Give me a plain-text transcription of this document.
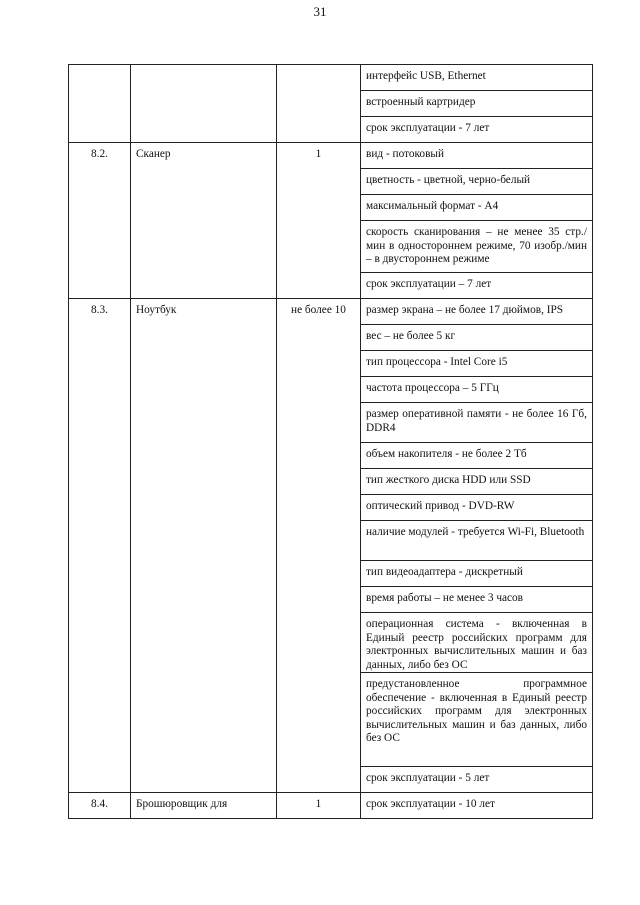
31
			интерфейс USB, Ethernet
			встроенный картридер
			срок эксплуатации - 7 лет
8.2.	Сканер	1	вид - потоковый
			цветность - цветной, черно-белый
			максимальный формат - А4
			скорость сканирования – не менее 35 стр./мин в одностороннем режиме, 70 изобр./мин – в двустороннем режиме
			срок эксплуатации – 7 лет
8.3.	Ноутбук	не более 10	размер экрана – не более 17 дюймов, IPS
			вес – не более 5 кг
			тип процессора - Intel Core i5
			частота процессора – 5 ГГц
			размер оперативной памяти - не более 16 Гб, DDR4
			объем накопителя - не более 2 Тб
			тип жесткого диска HDD или SSD
			оптический привод - DVD-RW
			наличие модулей - требуется Wi-Fi, Bluetooth
			тип видеоадаптера - дискретный
			время работы – не менее 3 часов
			операционная система - включенная в Единый реестр российских программ для электронных вычислительных машин и баз данных, либо без ОС
			предустановленное программное обеспечение - включенная в Единый реестр российских программ для электронных вычислительных машин и баз данных, либо без ОС
			срок эксплуатации - 5 лет
8.4.	Брошюровщик для	1	срок эксплуатации - 10 лет
